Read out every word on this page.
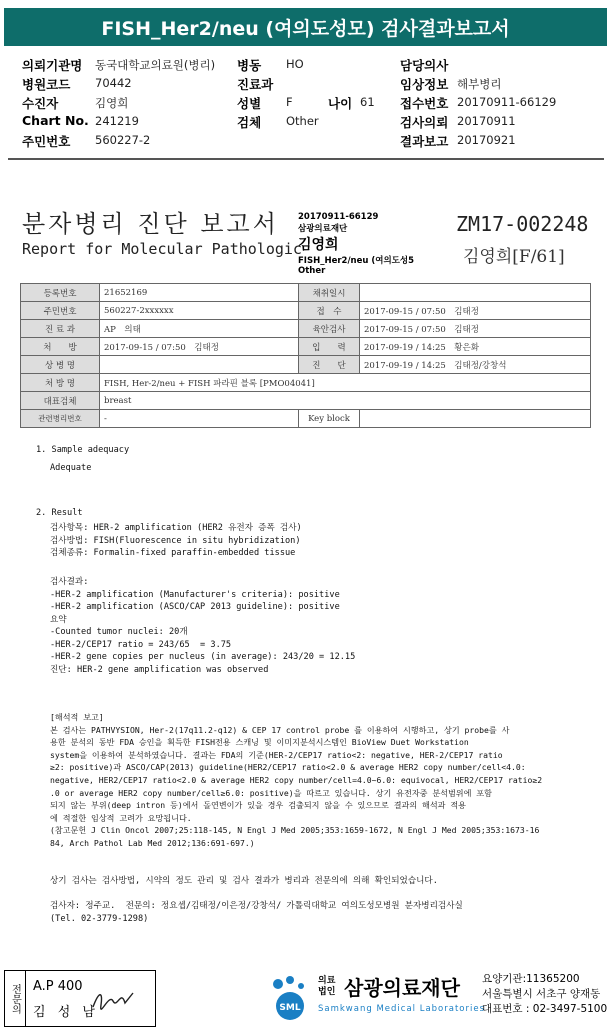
FISH_Her2/neu (여의도성모) 검사결과보고서
의뢰기관명 동국대학교의료원(병리)
병원코드 70442
수진자	김영희
Chart No. 241219
주민번호 560227-2
병동 HO
진료과
성별 F	나이 61
검체 Other
담당의사
임상정보 해부병리
접수번호 20170911-66129
검사의뢰 20170911
결과보고 20170921
분자병리 진단 보고서
Report for Molecular Pathologic
20170911-66129
삼광의료재단
김영희
FISH_Her2/neu (여의도성5
Other
ZM17-002248
김영희[F/61]
등록번호	21652169	채취일시	
주민번호	560227-2xxxxxx	접　수	2017-09-15 / 07:50　김태정
진 료 과	AP　의태	육안검사	2017-09-15 / 07:50　김태정
처　　방	2017-09-15 / 07:50　김태정	입　　력	2017-09-19 / 14:25　황은화
상 병 명		진　　단	2017-09-19 / 14:25　김태정/강창석
처 방 명	FISH, Her-2/neu + FISH 파라핀 블록 [PMO04041]		
대표검체	breast		
관련병리번호	-	Key block	
1. Sample adequacy
Adequate
2. Result
검사항목: HER-2 amplification (HER2 유전자 증폭 검사)
검사방법: FISH(Fluorescence in situ hybridization)
검체종류: Formalin-fixed paraffin-embedded tissue
검사결과:
-HER-2 amplification (Manufacturer's criteria): positive
-HER-2 amplification (ASCO/CAP 2013 guideline): positive
요약
-Counted tumor nuclei: 20개
-HER-2/CEP17 ratio = 243/65  = 3.75
-HER-2 gene copies per nucleus (in average): 243/20 = 12.15
진단: HER-2 gene amplification was observed
[해석적 보고]
본 검사는 PATHVYSION, Her-2(17q11.2-q12) & CEP 17 control probe 를 이용하여 시행하고, 상기 probe를 사
용한 분석의 동반 FDA 승인을 획득한 FISH전용 스캐닝 및 이미지분석시스템인 BioView Duet Workstation
system을 이용하여 분석하였습니다. 결과는 FDA의 기준(HER-2/CEP17 ratio<2: negative, HER-2/CEP17 ratio
≥2: positive)과 ASCO/CAP(2013) guideline(HER2/CEP17 ratio<2.0 & average HER2 copy number/cell<4.0:
negative, HER2/CEP17 ratio<2.0 & average HER2 copy number/cell=4.0~6.0: equivocal, HER2/CEP17 ratio≥2
.0 or average HER2 copy number/cell≥6.0: positive)을 따르고 있습니다. 상기 유전자중 분석범위에 포함
되지 않는 부위(deep intron 등)에서 돌연변이가 있을 경우 검출되지 않을 수 있으므로 결과의 해석과 적용
에 적절한 임상적 고려가 요망됩니다.
(참고문헌 J Clin Oncol 2007;25:118-145, N Engl J Med 2005;353:1659-1672, N Engl J Med 2005;353:1673-16
84, Arch Pathol Lab Med 2012;136:691-697.)
상기 검사는 검사방법, 시약의 정도 관리 및 검사 결과가 병리과 전문의에 의해 확인되었습니다.
검사자: 정주교.  전문의: 정요셉/김태정/이은정/강창석/ 가톨릭대학교 여의도성모병원 분자병리검사실
(Tel. 02-3779-1298)
전문의 A.P 400
김 성 남	SML
의료
법인 삼광의료재단
Samkwang Medical Laboratories
요양기관:11365200
서울특별시 서초구 양재동
대표번호 : 02-3497-5100
